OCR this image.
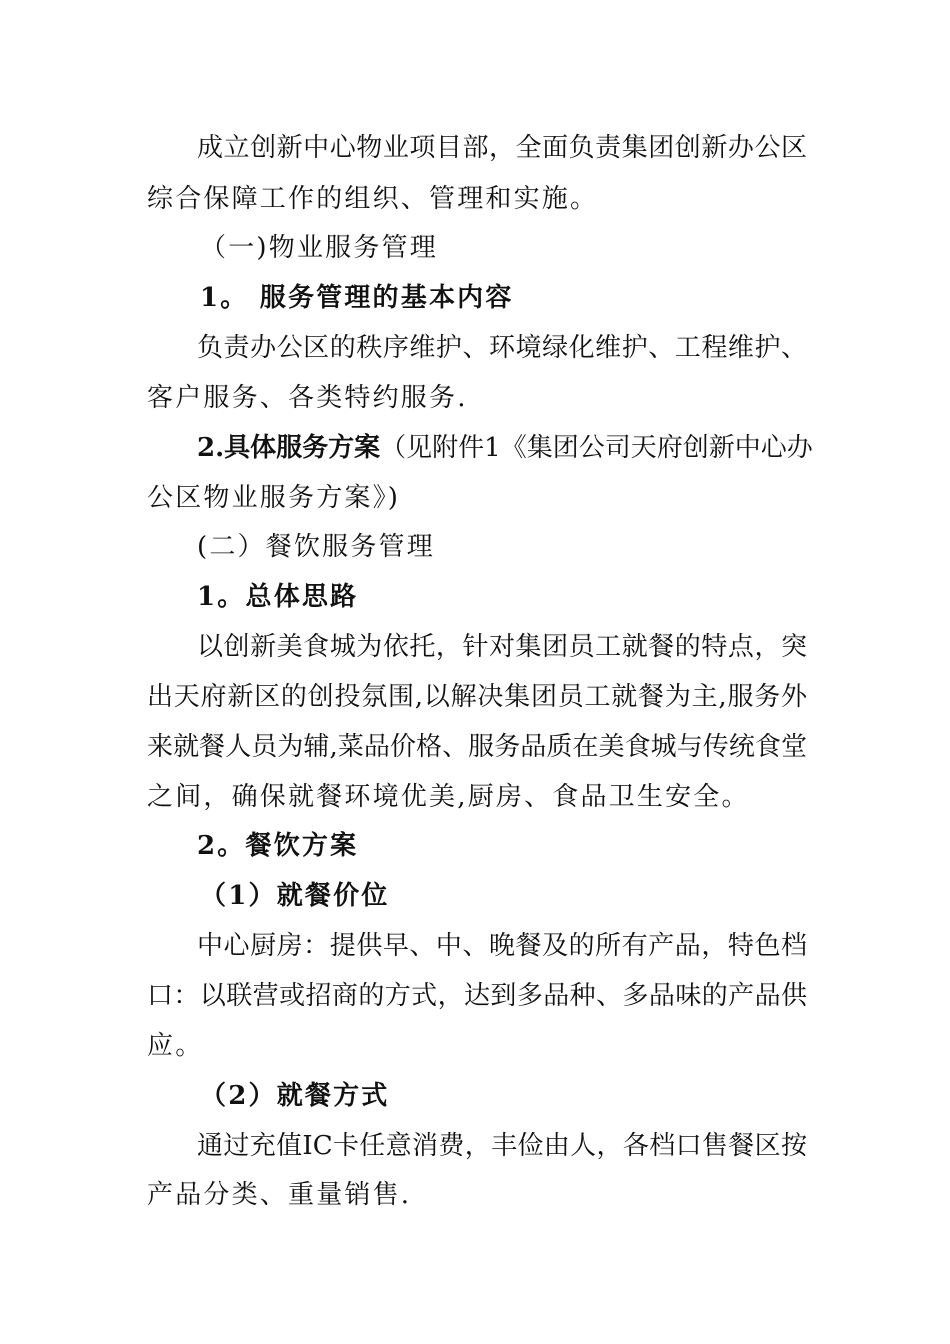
成立创新中心物业项目部，全面负责集团创新办公区
综合保障工作的组织、管理和实施。
（一)物业服务管理
1。 服务管理的基本内容
负责办公区的秩序维护、环境绿化维护、工程维护、
客户服务、各类特约服务.
2.具体服务方案（见附件1《集团公司天府创新中心办
公区物业服务方案》)
(二）餐饮服务管理
1。总体思路
以创新美食城为依托，针对集团员工就餐的特点，突
出天府新区的创投氛围,以解决集团员工就餐为主,服务外
来就餐人员为辅,菜品价格、服务品质在美食城与传统食堂
之间，确保就餐环境优美,厨房、食品卫生安全。
2。餐饮方案
（1）就餐价位
中心厨房：提供早、中、晚餐及的所有产品，特色档
口：以联营或招商的方式，达到多品种、多品味的产品供
应。
（2）就餐方式
通过充值IC卡任意消费，丰俭由人，各档口售餐区按
产品分类、重量销售.
